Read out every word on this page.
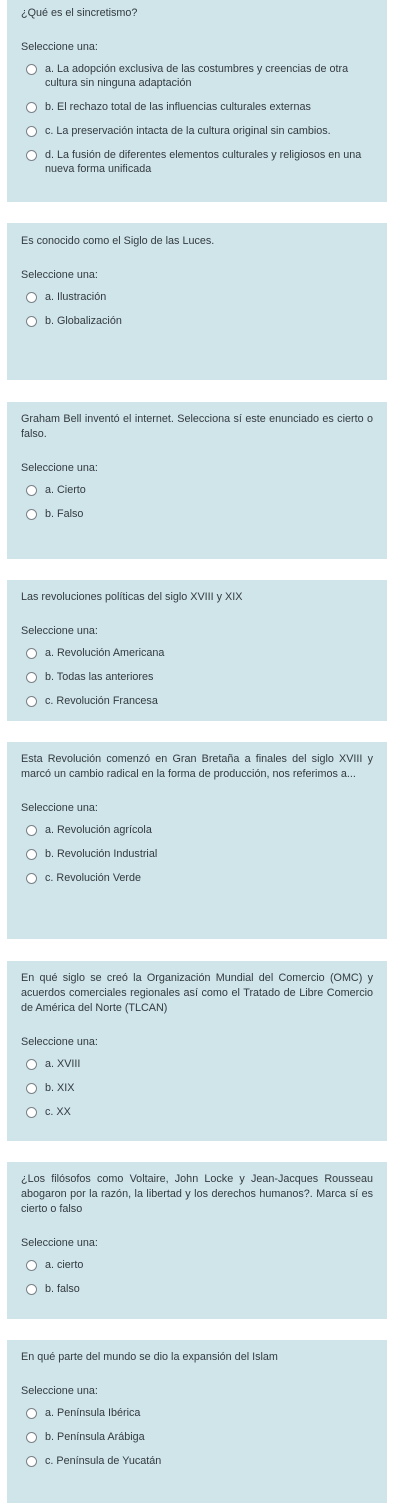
¿Qué es el sincretismo?

Seleccione una:

a. La adopción exclusiva de las costumbres y creencias de otra cultura sin ninguna adaptación
b. El rechazo total de las influencias culturales externas
c. La preservación intacta de la cultura original sin cambios.
d. La fusión de diferentes elementos culturales y religiosos en una nueva forma unificada

Es conocido como el Siglo de las Luces.

Seleccione una:

a. Ilustración
b. Globalización

Graham Bell inventó el internet. Selecciona sí este enunciado es cierto o falso.

Seleccione una:

a. Cierto
b. Falso

Las revoluciones políticas del siglo XVIII y XIX

Seleccione una:

a. Revolución Americana
b. Todas las anteriores
c. Revolución Francesa

Esta Revolución comenzó en Gran Bretaña a finales del siglo XVIII y marcó un cambio radical en la forma de producción, nos referimos a...

Seleccione una:

a. Revolución agrícola
b. Revolución Industrial
c. Revolución Verde

En qué siglo se creó la Organización Mundial del Comercio (OMC) y acuerdos comerciales regionales así como el Tratado de Libre Comercio de América del Norte (TLCAN)

Seleccione una:

a. XVIII
b. XIX
c. XX

¿Los filósofos como Voltaire, John Locke y Jean-Jacques Rousseau abogaron por la razón, la libertad y los derechos humanos?. Marca sí es cierto o falso

Seleccione una:

a. cierto
b. falso

En qué parte del mundo se dio la expansión del Islam

Seleccione una:

a. Península Ibérica
b. Península Arábiga
c. Península de Yucatán
